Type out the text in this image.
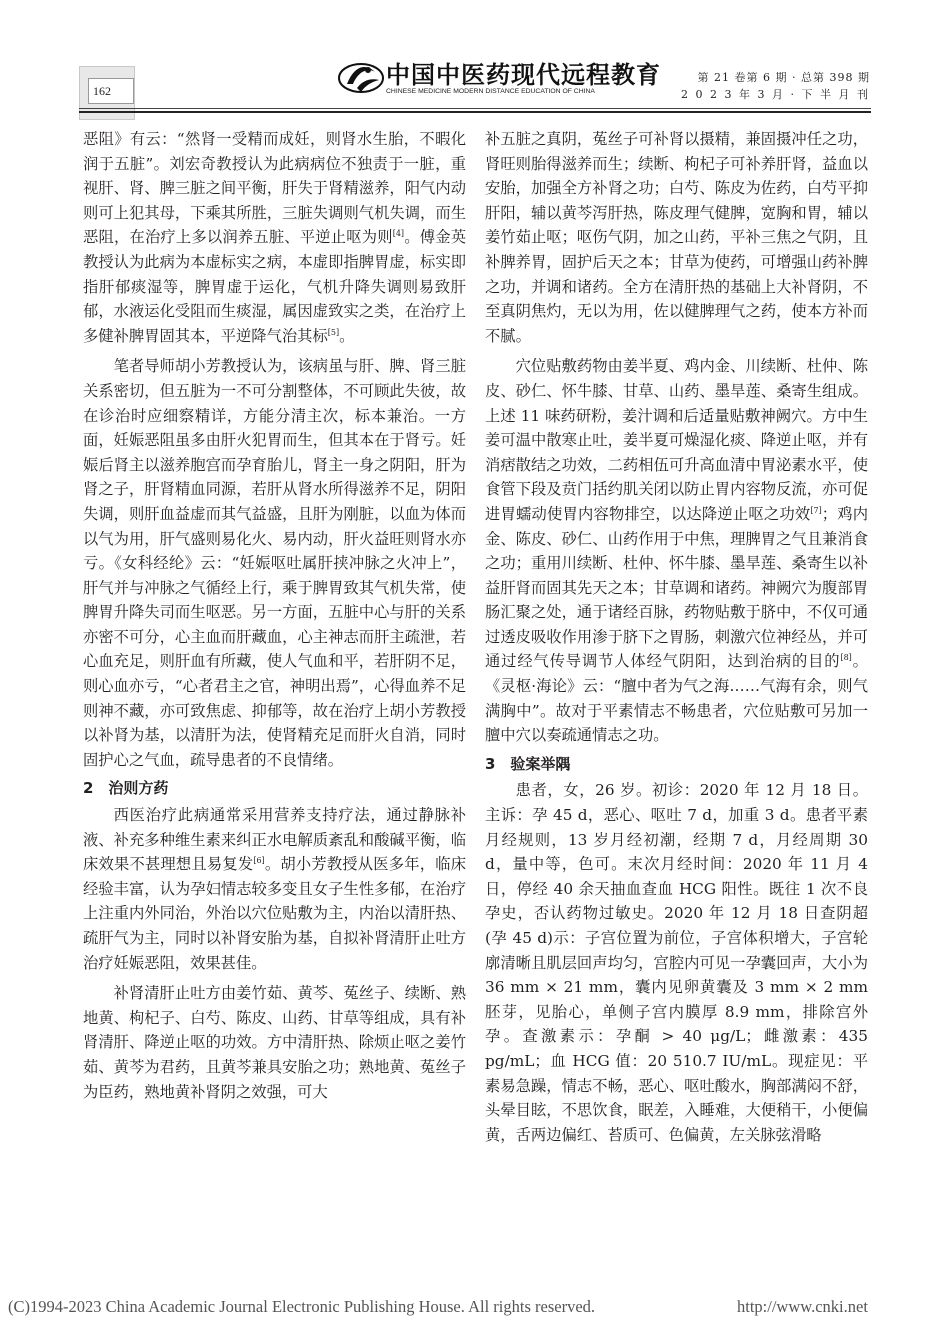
162
中国中医药现代远程教育
CHINESE MEDICINE MODERN DISTANCE EDUCATION OF CHINA
第 21 卷第 6 期 · 总第 398 期
2 0 2 3 年 3 月 · 下 半 月 刊

恶阻》有云：“然肾一受精而成妊，则肾水生胎，不暇化润于五脏”。刘宏奇教授认为此病病位不独责于一脏，重视肝、肾、脾三脏之间平衡，肝失于肾精滋养，阳气内动则可上犯其母，下乘其所胜，三脏失调则气机失调，而生恶阻，在治疗上多以润养五脏、平逆止呕为则[4]。傅金英教授认为此病为本虚标实之病，本虚即指脾胃虚，标实即指肝郁痰湿等，脾胃虚于运化，气机升降失调则易致肝郁，水液运化受阻而生痰湿，属因虚致实之类，在治疗上多健补脾胃固其本，平逆降气治其标[5]。

笔者导师胡小芳教授认为，该病虽与肝、脾、肾三脏关系密切，但五脏为一不可分割整体，不可顾此失彼，故在诊治时应细察精详，方能分清主次，标本兼治。一方面，妊娠恶阻虽多由肝火犯胃而生，但其本在于肾亏。妊娠后肾主以滋养胞宫而孕育胎儿，肾主一身之阴阳，肝为肾之子，肝肾精血同源，若肝从肾水所得滋养不足，阴阳失调，则肝血益虚而其气益盛，且肝为刚脏，以血为体而以气为用，肝气盛则易化火、易内动，肝火益旺则肾水亦亏。《女科经纶》云：“妊娠呕吐属肝挟冲脉之火冲上”，肝气并与冲脉之气循经上行，乘于脾胃致其气机失常，使脾胃升降失司而生呕恶。另一方面，五脏中心与肝的关系亦密不可分，心主血而肝藏血，心主神志而肝主疏泄，若心血充足，则肝血有所藏，使人气血和平，若肝阴不足，则心血亦亏，“心者君主之官，神明出焉”，心得血养不足则神不藏，亦可致焦虑、抑郁等，故在治疗上胡小芳教授以补肾为基，以清肝为法，使肾精充足而肝火自消，同时固护心之气血，疏导患者的不良情绪。

2　治则方药

西医治疗此病通常采用营养支持疗法，通过静脉补液、补充多种维生素来纠正水电解质紊乱和酸碱平衡，临床效果不甚理想且易复发[6]。胡小芳教授从医多年，临床经验丰富，认为孕妇情志较多变且女子生性多郁，在治疗上注重内外同治，外治以穴位贴敷为主，内治以清肝热、疏肝气为主，同时以补肾安胎为基，自拟补肾清肝止吐方治疗妊娠恶阻，效果甚佳。

补肾清肝止吐方由姜竹茹、黄芩、菟丝子、续断、熟地黄、枸杞子、白芍、陈皮、山药、甘草等组成，具有补肾清肝、降逆止呕的功效。方中清肝热、除烦止呕之姜竹茹、黄芩为君药，且黄芩兼具安胎之功；熟地黄、菟丝子为臣药，熟地黄补肾阴之效强，可大

补五脏之真阴，菟丝子可补肾以摄精，兼固摄冲任之功，肾旺则胎得滋养而生；续断、枸杞子可补养肝肾，益血以安胎，加强全方补肾之功；白芍、陈皮为佐药，白芍平抑肝阳，辅以黄芩泻肝热，陈皮理气健脾，宽胸和胃，辅以姜竹茹止呕；呕伤气阴，加之山药，平补三焦之气阴，且补脾养胃，固护后天之本；甘草为使药，可增强山药补脾之功，并调和诸药。全方在清肝热的基础上大补肾阴，不至真阴焦灼，无以为用，佐以健脾理气之药，使本方补而不腻。

穴位贴敷药物由姜半夏、鸡内金、川续断、杜仲、陈皮、砂仁、怀牛膝、甘草、山药、墨旱莲、桑寄生组成。上述 11 味药研粉，姜汁调和后适量贴敷神阙穴。方中生姜可温中散寒止吐，姜半夏可燥湿化痰、降逆止呕，并有消痞散结之功效，二药相伍可升高血清中胃泌素水平，使食管下段及贲门括约肌关闭以防止胃内容物反流，亦可促进胃蠕动使胃内容物排空，以达降逆止呕之功效[7]；鸡内金、陈皮、砂仁、山药作用于中焦，理脾胃之气且兼消食之功；重用川续断、杜仲、怀牛膝、墨旱莲、桑寄生以补益肝肾而固其先天之本；甘草调和诸药。神阙穴为腹部胃肠汇聚之处，通于诸经百脉，药物贴敷于脐中，不仅可通过透皮吸收作用渗于脐下之胃肠，刺激穴位神经丛，并可通过经气传导调节人体经气阴阳，达到治病的目的[8]。《灵枢·海论》云：“膻中者为气之海……气海有余，则气满胸中”。故对于平素情志不畅患者，穴位贴敷可另加一膻中穴以奏疏通情志之功。

3　验案举隅

患者，女，26 岁。初诊：2020 年 12 月 18 日。主诉：孕 45 d，恶心、呕吐 7 d，加重 3 d。患者平素月经规则，13 岁月经初潮，经期 7 d，月经周期 30 d，量中等，色可。末次月经时间：2020 年 11 月 4 日，停经 40 余天抽血查血 HCG 阳性。既往 1 次不良孕史，否认药物过敏史。2020 年 12 月 18 日查阴超(孕 45 d)示：子宫位置为前位，子宫体积增大，子宫轮廓清晰且肌层回声均匀，宫腔内可见一孕囊回声，大小为 36 mm × 21 mm，囊内见卵黄囊及 3 mm × 2 mm 胚芽，见胎心，单侧子宫内膜厚 8.9 mm，排除宫外孕。查激素示：孕酮 > 40 μg/L；雌激素：435 pg/mL；血 HCG 值：20 510.7 IU/mL。现症见：平素易急躁，情志不畅，恶心、呕吐酸水，胸部满闷不舒，头晕目眩，不思饮食，眠差，入睡难，大便稍干，小便偏黄，舌两边偏红、苔质可、色偏黄，左关脉弦滑略

(C)1994-2023 China Academic Journal Electronic Publishing House. All rights reserved.	http://www.cnki.net
